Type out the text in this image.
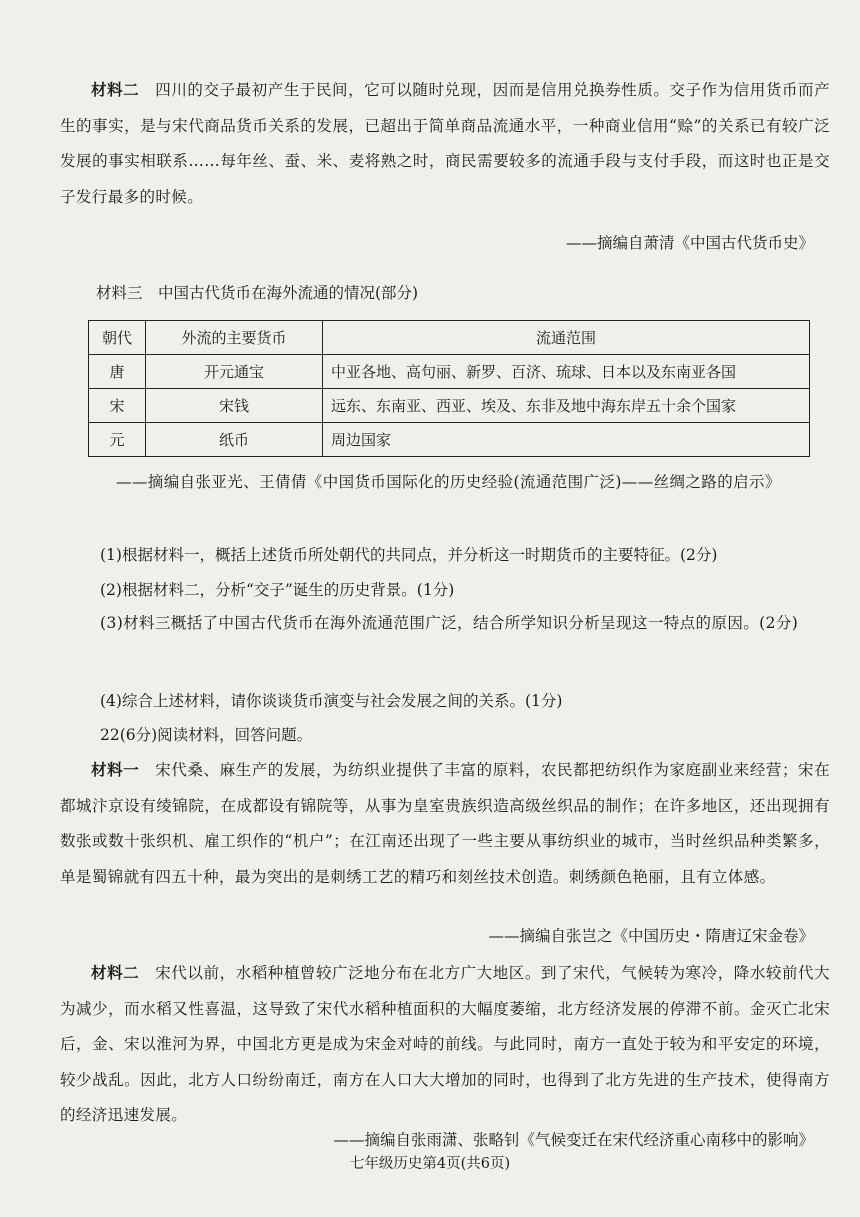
材料二　 四川的交子最初产生于民间，它可以随时兑现，因而是信用兑换券性质。交子作为信用货币而产生的事实，是与宋代商品货币关系的发展，已超出于简单商品流通水平，一种商业信用“赊”的关系已有较广泛发展的事实相联系……每年丝、蚕、米、麦将熟之时，商民需要较多的流通手段与支付手段，而这时也正是交子发行最多的时候。

——摘编自萧清《中国古代货币史》

材料三　中国古代货币在海外流通的情况(部分)
朝代	外流的主要货币	流通范围
唐	开元通宝	中亚各地、高句丽、新罗、百济、琉球、日本以及东南亚各国
宋	宋钱	远东、东南亚、西亚、埃及、东非及地中海东岸五十余个国家
元	纸币	周边国家

——摘编自张亚光、王倩倩《中国货币国际化的历史经验(流通范围广泛)——丝绸之路的启示》

(1)根据材料一，概括上述货币所处朝代的共同点，并分析这一时期货币的主要特征。(2分)

(2)根据材料二，分析“交子”诞生的历史背景。(1分)

(3)材料三概括了中国古代货币在海外流通范围广泛，结合所学知识分析呈现这一特点的原因。(2分)

(4)综合上述材料，请你谈谈货币演变与社会发展之间的关系。(1分)

22(6分)阅读材料，回答问题。

材料一　 宋代桑、麻生产的发展，为纺织业提供了丰富的原料，农民都把纺织作为家庭副业来经营；宋在都城汴京设有绫锦院，在成都设有锦院等，从事为皇室贵族织造高级丝织品的制作；在许多地区，还出现拥有数张或数十张织机、雇工织作的“机户”；在江南还出现了一些主要从事纺织业的城市，当时丝织品种类繁多，单是蜀锦就有四五十种，最为突出的是刺绣工艺的精巧和刻丝技术创造。刺绣颜色艳丽，且有立体感。

——摘编自张岂之《中国历史・隋唐辽宋金卷》

材料二　 宋代以前，水稻种植曾较广泛地分布在北方广大地区。到了宋代，气候转为寒冷，降水较前代大为减少，而水稻又性喜温，这导致了宋代水稻种植面积的大幅度萎缩，北方经济发展的停滞不前。金灭亡北宋后，金、宋以淮河为界，中国北方更是成为宋金对峙的前线。与此同时，南方一直处于较为和平安定的环境，较少战乱。因此，北方人口纷纷南迁，南方在人口大大增加的同时，也得到了北方先进的生产技术，使得南方的经济迅速发展。

——摘编自张雨潇、张略钊《气候变迁在宋代经济重心南移中的影响》

七年级历史第4页(共6页)
